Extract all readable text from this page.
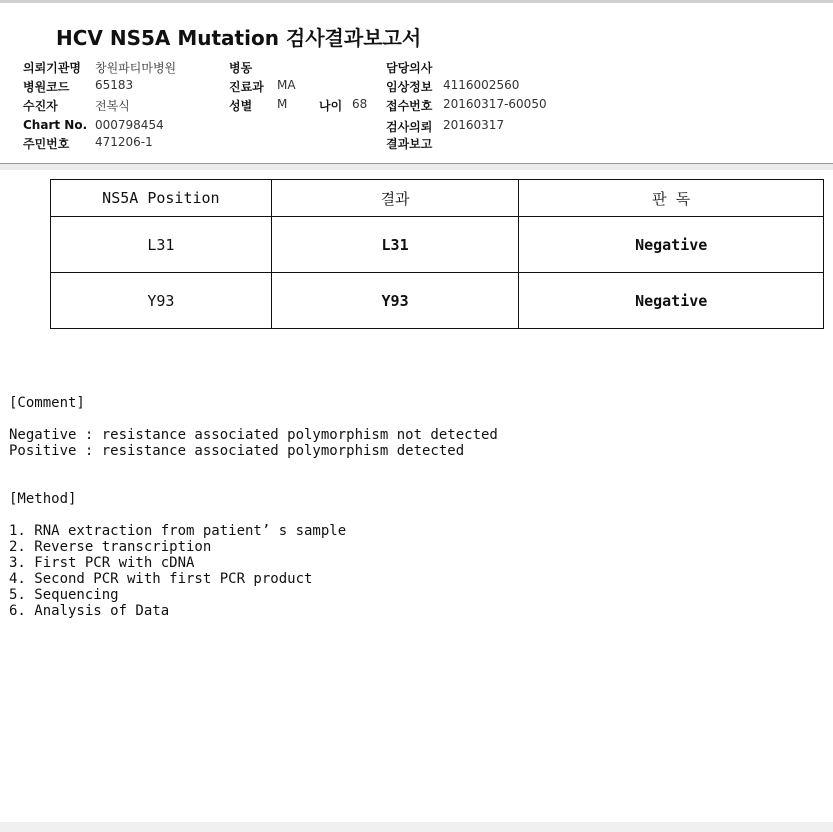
HCV NS5A Mutation 검사결과보고서
의뢰기관명 창원파티마병원
병원코드 65183
수진자	전복식
Chart No. 000798454
주민번호 471206-1
병동
진료과 MA
성별 M	나이 68
담당의사
임상정보 4116002560
접수번호 20160317-60050
검사의뢰 20160317
결과보고
NS5A Position	결과	판 독
L31	L31	Negative
Y93	Y93	Negative
[Comment]
Negative : resistance associated polymorphism not detected
Positive : resistance associated polymorphism detected
[Method]
1. RNA extraction from patient’ s sample
2. Reverse transcription
3. First PCR with cDNA
4. Second PCR with first PCR product
5. Sequencing
6. Analysis of Data
